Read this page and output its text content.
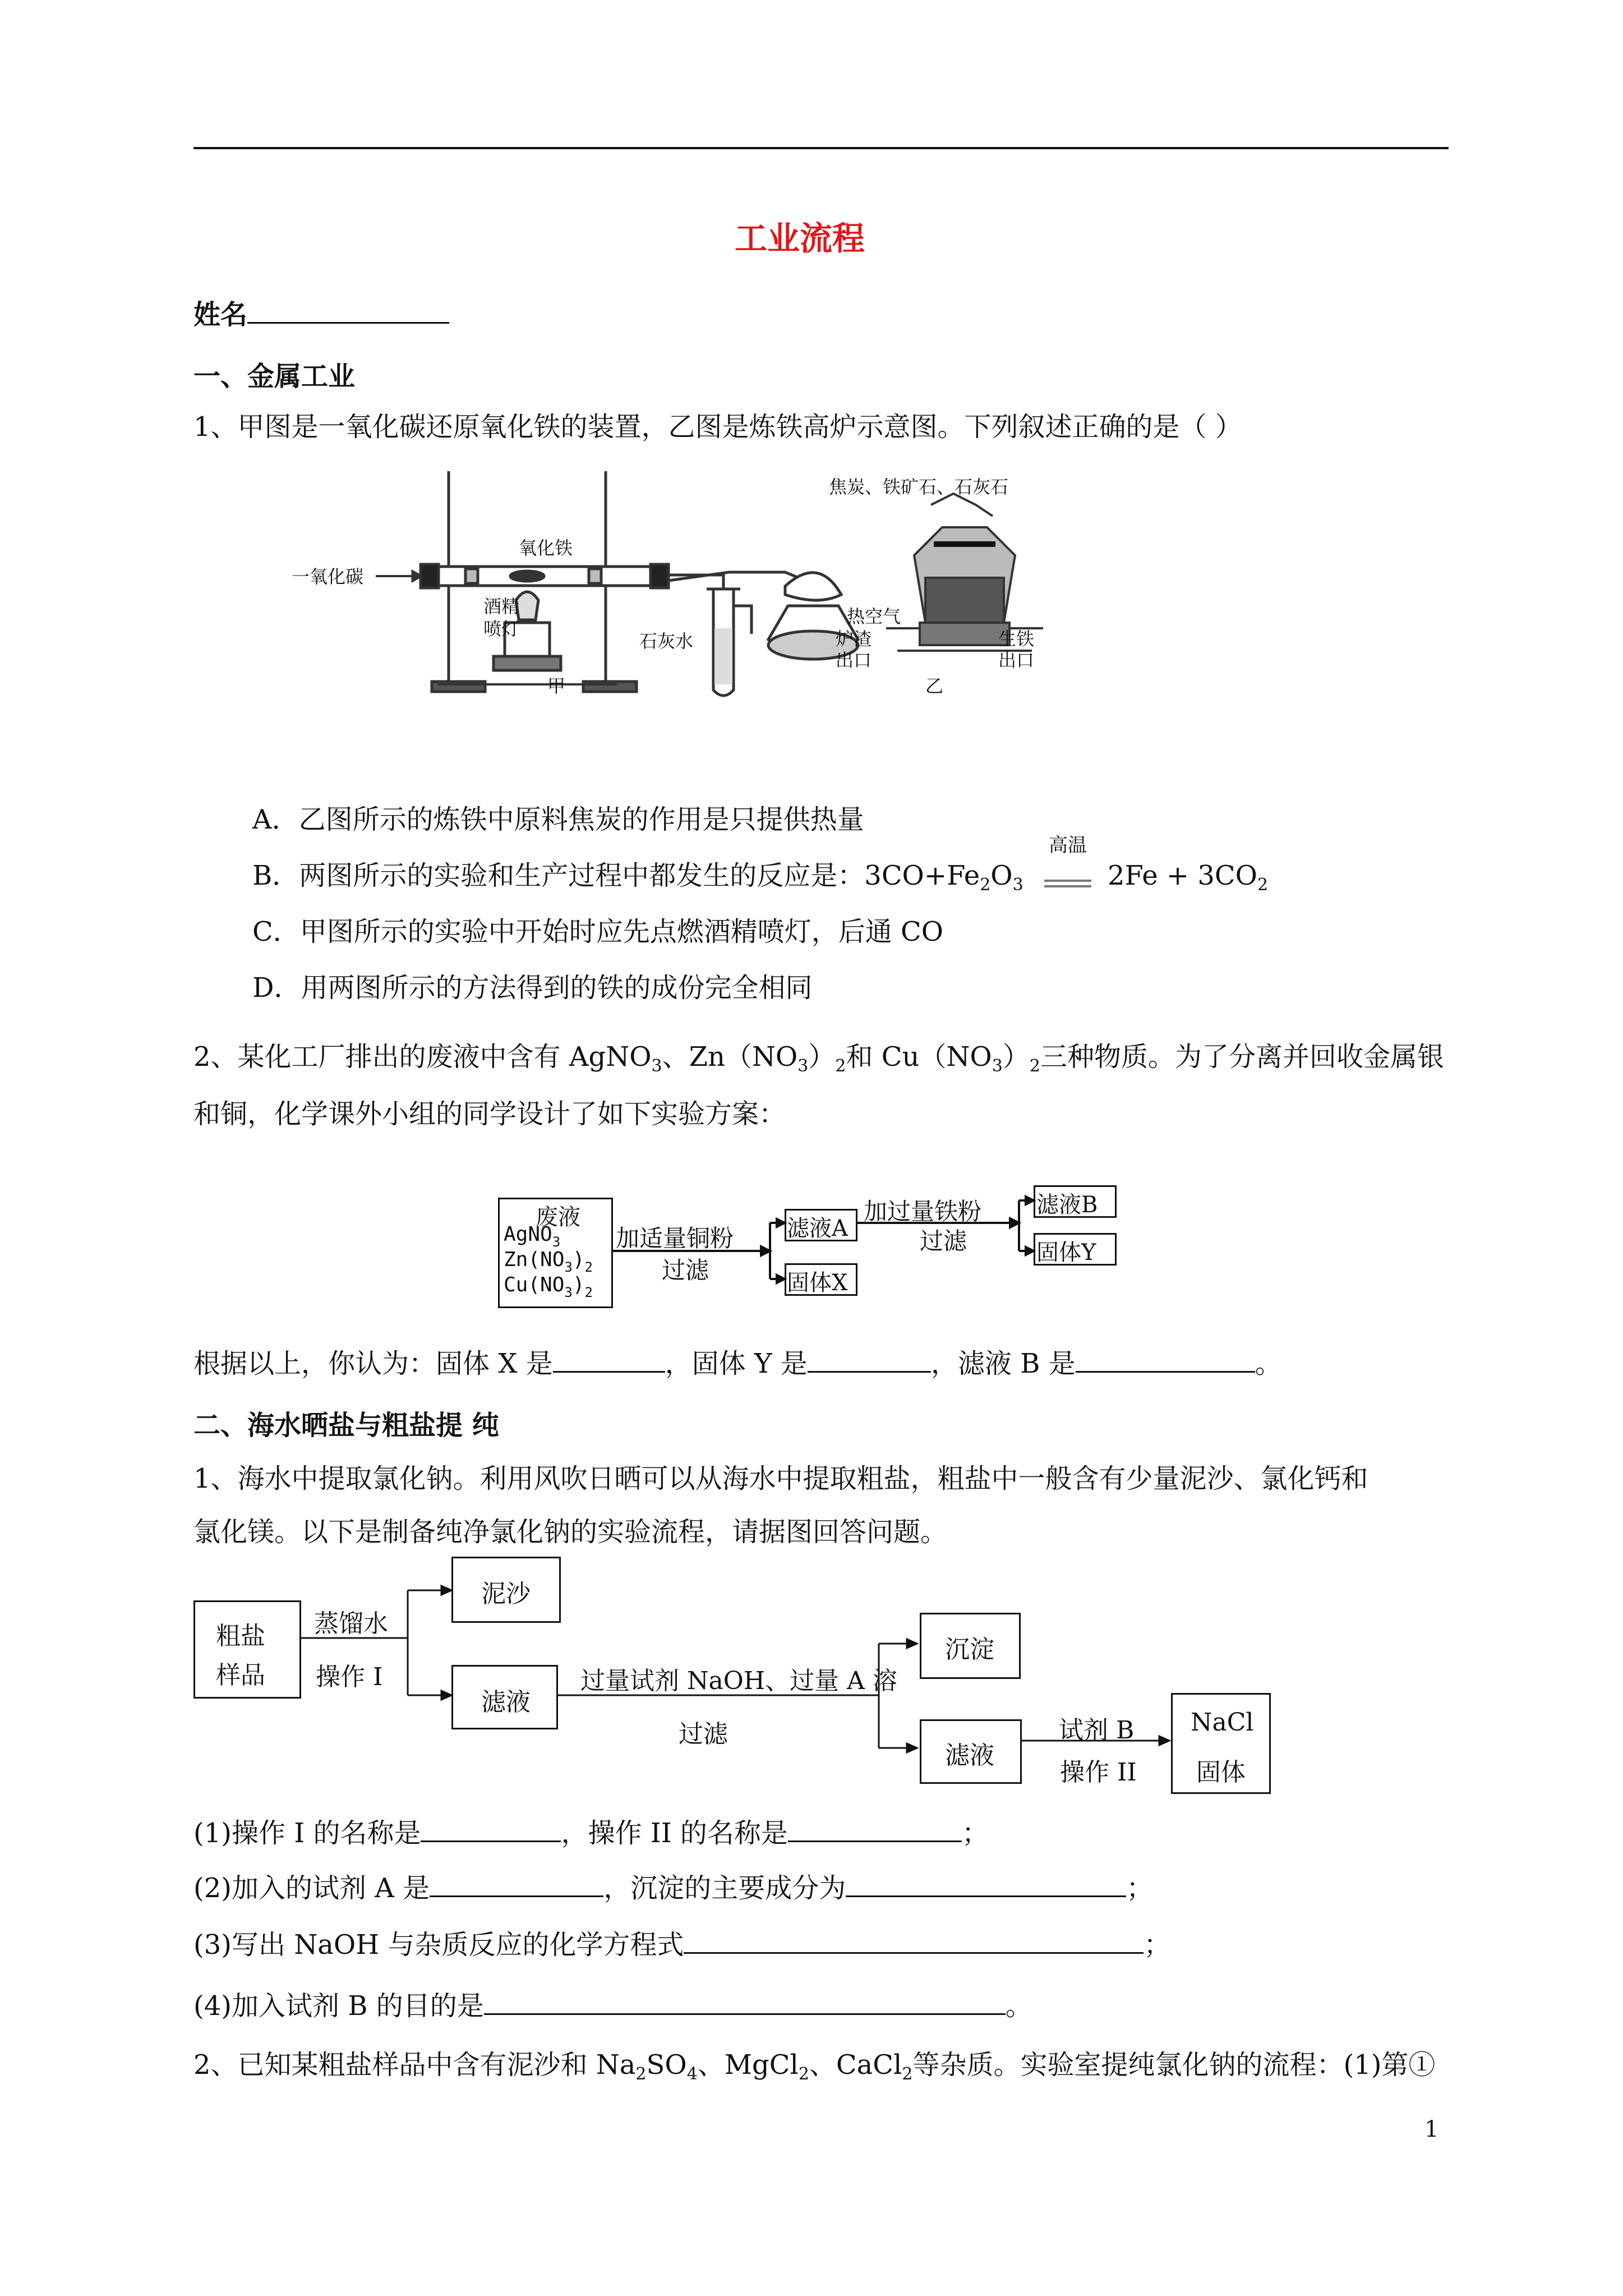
工业流程
姓名
一、金属工业
1、甲图是一氧化碳还原氧化铁的装置，乙图是炼铁高炉示意图。下列叙述正确的是（ ）
一氧化碳
氧化铁
酒精
喷灯
石灰水
甲
焦炭、铁矿石、石灰石
热空气
炉渣
出口
生铁
出口
乙
A．乙图所示的炼铁中原料焦炭的作用是只提供热量
B．两图所示的实验和生产过程中都发生的反应是：$3CO+Fe_2O_3$
高温
$2Fe + 3CO_2$
C．甲图所示的实验中开始时应先点燃酒精喷灯，后通 CO
D．用两图所示的方法得到的铁的成份完全相同
2、某化工厂排出的废液中含有 AgNO$_3$、$Zn(NO_3)_2$和 $Cu(NO_3)_2$三种物质。为了分离并回收金属银
和铜，化学课外小组的同学设计了如下实验方案：
废液
AgNO$_3$
$Zn(NO_3)_2$
$Cu(NO_3)_2$
加适量铜粉
过滤
滤液A
固体X
加过量铁粉
过滤
滤液B
固体Y
根据以上，你认为：固体 X 是	，固体 Y 是	，滤液 B 是	。
二、海水晒盐与粗盐提 纯
1、海水中提取氯化钠。利用风吹日晒可以从海水中提取粗盐，粗盐中一般含有少量泥沙、氯化钙和
氯化镁。以下是制备纯净氯化钠的实验流程，请据图回答问题。
粗盐
样品
蒸馏水
操作 I
泥沙
滤液
过量试剂 NaOH、过量 A 溶
过滤
沉淀
滤液
试剂 B
操作 II
NaCl
固体
(1)操作 I 的名称是	，操作 II 的名称是	；
(2)加入的试剂 A 是	，沉淀的主要成分为	；
(3)写出 NaOH 与杂质反应的化学方程式	；
(4)加入试剂 B 的目的是	。
2、已知某粗盐样品中含有泥沙和 $Na_2SO_4$、MgCl$_2$、CaCl$_2$等杂质。实验室提纯氯化钠的流程：(1)第①
1
